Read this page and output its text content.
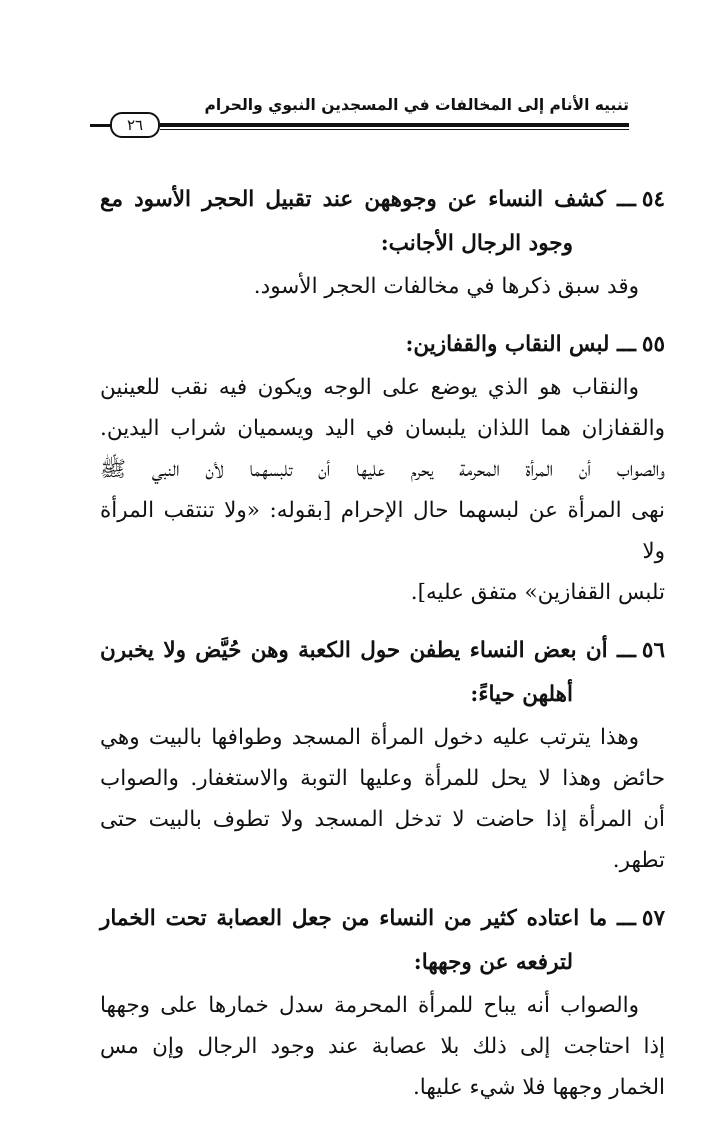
تنبيه الأنام إلى المخالفات في المسجدين النبوي والحرام
٢٦
٥٤ـــ كشف النساء عن وجوههن عند تقبيل الحجر الأسود مع
وجود الرجال الأجانب:
وقد سبق ذكرها في مخالفات الحجر الأسود.
٥٥ـــ لبس النقاب والقفازين:
والنقاب هو الذي يوضع على الوجه ويكون فيه نقب للعينين
والقفازان هما اللذان يلبسان في اليد ويسميان شراب اليدين.
والصواب أن المرأة المحرمة يحرم عليها أن تلبسهما لأن النبي ﷺ
نهى المرأة عن لبسهما حال الإحرام [بقوله: «ولا تنتقب المرأة ولا
تلبس القفازين» متفق عليه].
٥٦ـــ أن بعض النساء يطفن حول الكعبة وهن حُيَّض ولا يخبرن
أهلهن حياءً:
وهذا يترتب عليه دخول المرأة المسجد وطوافها بالبيت وهي
حائض وهذا لا يحل للمرأة وعليها التوبة والاستغفار. والصواب
أن المرأة إذا حاضت لا تدخل المسجد ولا تطوف بالبيت حتى
تطهر.
٥٧ـــ ما اعتاده كثير من النساء من جعل العصابة تحت الخمار
لترفعه عن وجهها:
والصواب أنه يباح للمرأة المحرمة سدل خمارها على وجهها
إذا احتاجت إلى ذلك بلا عصابة عند وجود الرجال وإن مس
الخمار وجهها فلا شيء عليها.
